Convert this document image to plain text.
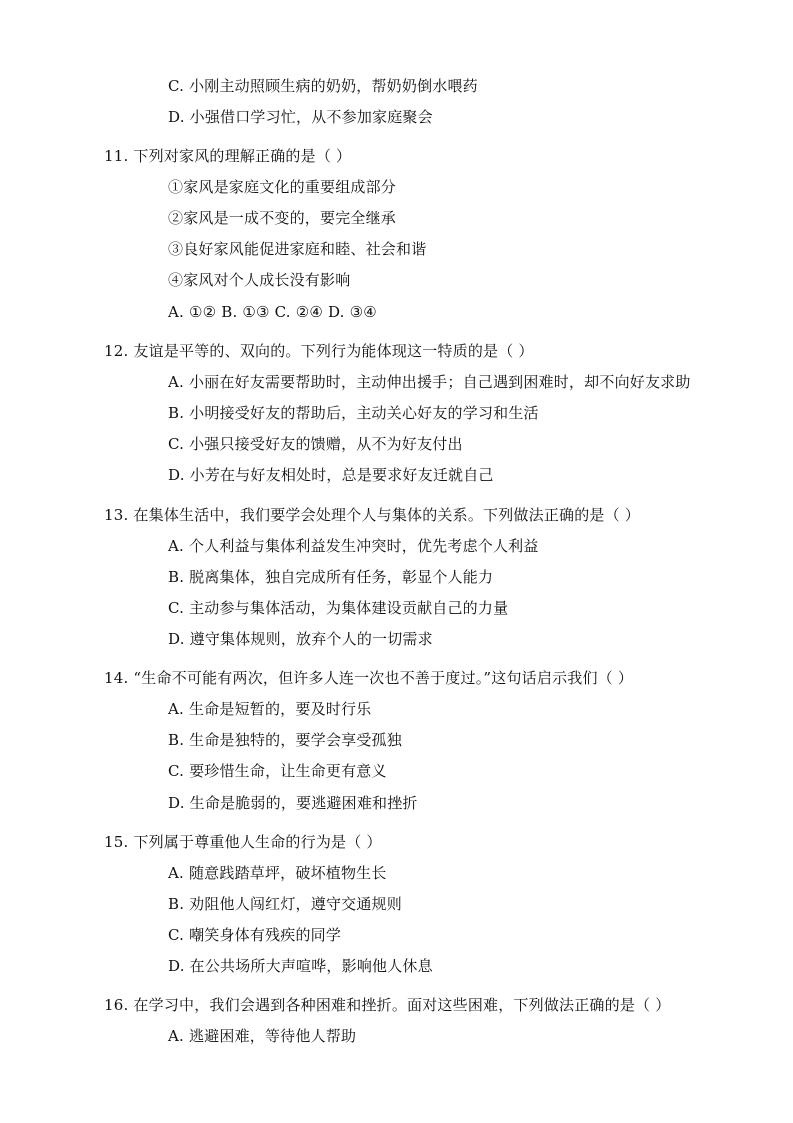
C. 小刚主动照顾生病的奶奶，帮奶奶倒水喂药
D. 小强借口学习忙，从不参加家庭聚会
11. 下列对家风的理解正确的是（ ）
①家风是家庭文化的重要组成部分
②家风是一成不变的，要完全继承
③良好家风能促进家庭和睦、社会和谐
④家风对个人成长没有影响
A. ①② B. ①③ C. ②④ D. ③④
12. 友谊是平等的、双向的。下列行为能体现这一特质的是（ ）
A. 小丽在好友需要帮助时，主动伸出援手；自己遇到困难时，却不向好友求助
B. 小明接受好友的帮助后，主动关心好友的学习和生活
C. 小强只接受好友的馈赠，从不为好友付出
D. 小芳在与好友相处时，总是要求好友迁就自己
13. 在集体生活中，我们要学会处理个人与集体的关系。下列做法正确的是（ ）
A. 个人利益与集体利益发生冲突时，优先考虑个人利益
B. 脱离集体，独自完成所有任务，彰显个人能力
C. 主动参与集体活动，为集体建设贡献自己的力量
D. 遵守集体规则，放弃个人的一切需求
14. “生命不可能有两次，但许多人连一次也不善于度过。”这句话启示我们（ ）
A. 生命是短暂的，要及时行乐
B. 生命是独特的，要学会享受孤独
C. 要珍惜生命，让生命更有意义
D. 生命是脆弱的，要逃避困难和挫折
15. 下列属于尊重他人生命的行为是（ ）
A. 随意践踏草坪，破坏植物生长
B. 劝阻他人闯红灯，遵守交通规则
C. 嘲笑身体有残疾的同学
D. 在公共场所大声喧哗，影响他人休息
16. 在学习中，我们会遇到各种困难和挫折。面对这些困难，下列做法正确的是（ ）
A. 逃避困难，等待他人帮助
